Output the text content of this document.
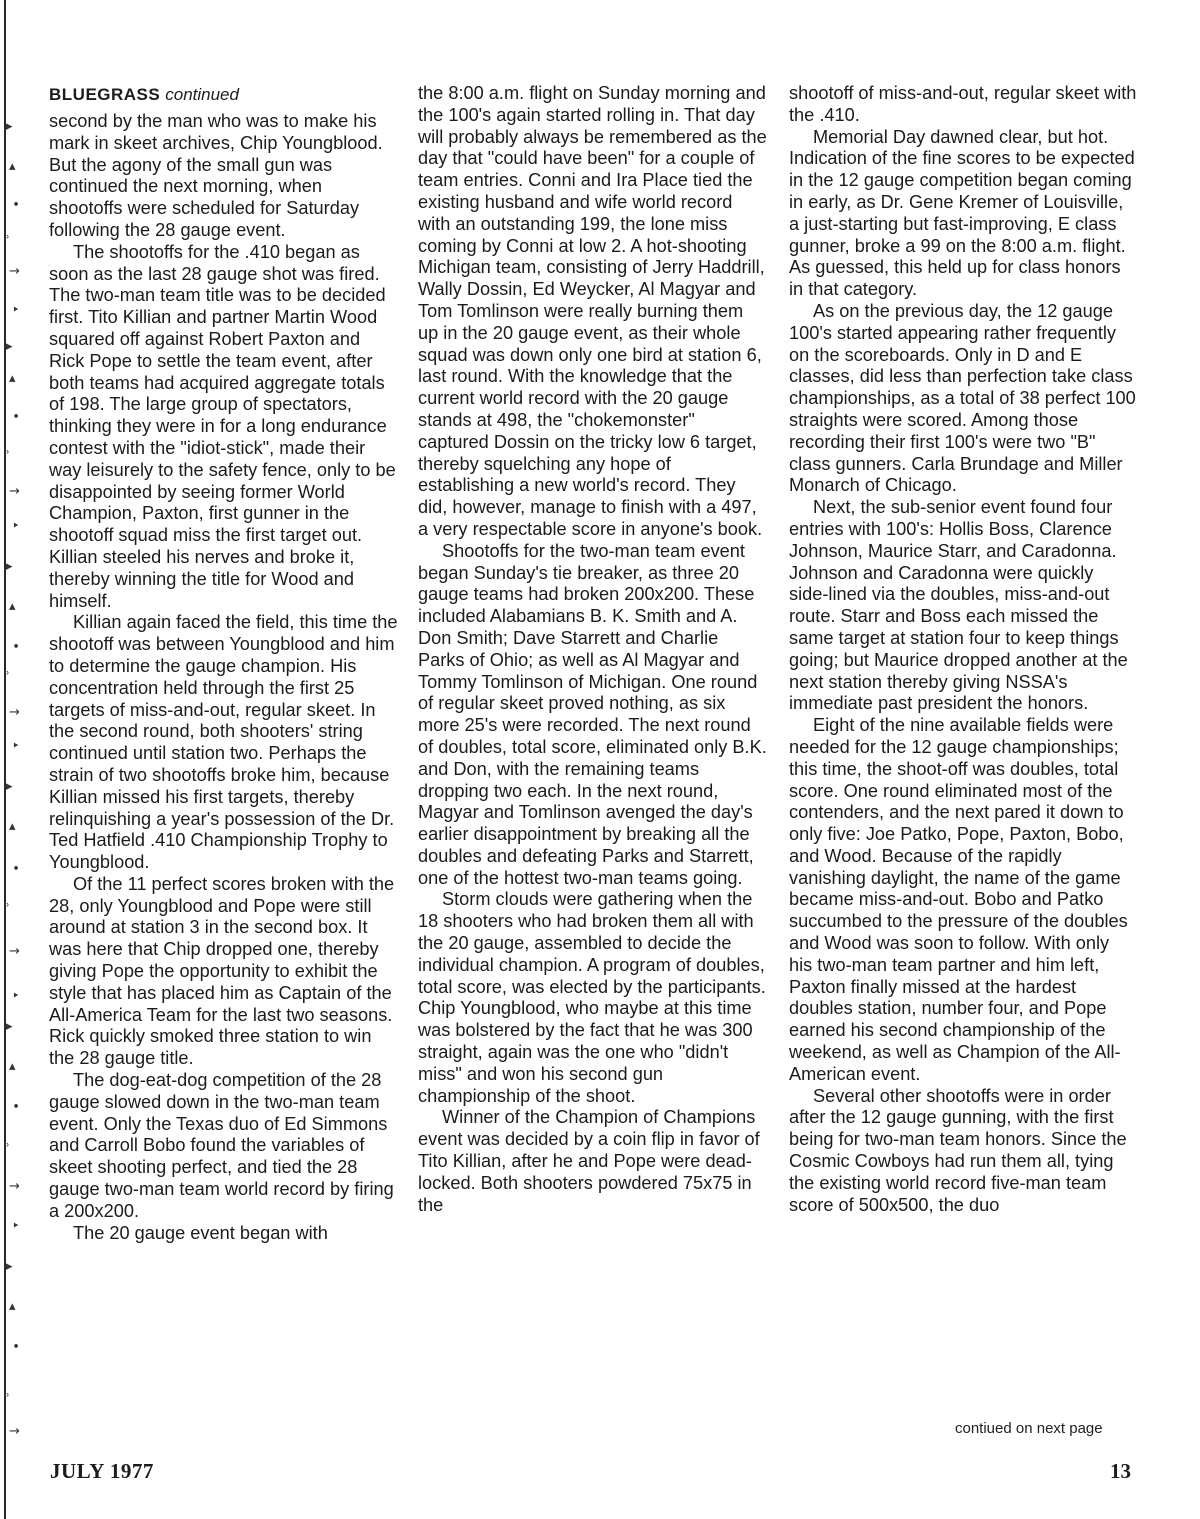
▸
▴
∙
˒
→
‣
▸
▴
∙
˒
→
‣
▸
▴
∙
˒
→
‣
▸
▴
∙
˒
→
‣
▸
▴
∙
˒
→
‣
▸
▴
∙
˒
→

BLUEGRASS continued

second by the man who was to make his mark in skeet archives, Chip Youngblood. But the agony of the small gun was continued the next morning, when shootoffs were scheduled for Saturday following the 28 gauge event.

The shootoffs for the .410 began as soon as the last 28 gauge shot was fired. The two-man team title was to be decided first. Tito Killian and partner Martin Wood squared off against Robert Paxton and Rick Pope to settle the team event, after both teams had acquired aggregate totals of 198. The large group of spectators, thinking they were in for a long endurance contest with the "idiot-stick", made their way leisurely to the safety fence, only to be disappointed by seeing former World Champion, Paxton, first gunner in the shootoff squad miss the first target out. Killian steeled his nerves and broke it, thereby winning the title for Wood and himself.

Killian again faced the field, this time the shootoff was between Youngblood and him to determine the gauge champion. His concentration held through the first 25 targets of miss-and-out, regular skeet. In the second round, both shooters' string continued until station two. Perhaps the strain of two shootoffs broke him, because Killian missed his first targets, thereby relinquishing a year's possession of the Dr. Ted Hatfield .410 Championship Trophy to Youngblood.

Of the 11 perfect scores broken with the 28, only Youngblood and Pope were still around at station 3 in the second box. It was here that Chip dropped one, thereby giving Pope the opportunity to exhibit the style that has placed him as Captain of the All-America Team for the last two seasons. Rick quickly smoked three station to win the 28 gauge title.

The dog-eat-dog competition of the 28 gauge slowed down in the two-man team event. Only the Texas duo of Ed Simmons and Carroll Bobo found the variables of skeet shooting perfect, and tied the 28 gauge two-man team world record by firing a 200x200.

The 20 gauge event began with

the 8:00 a.m. flight on Sunday morning and the 100's again started rolling in. That day will probably always be remembered as the day that "could have been" for a couple of team entries. Conni and Ira Place tied the existing husband and wife world record with an outstanding 199, the lone miss coming by Conni at low 2. A hot-shooting Michigan team, consisting of Jerry Haddrill, Wally Dossin, Ed Weycker, Al Magyar and Tom Tomlinson were really burning them up in the 20 gauge event, as their whole squad was down only one bird at station 6, last round. With the knowledge that the current world record with the 20 gauge stands at 498, the "chokemonster" captured Dossin on the tricky low 6 target, thereby squelching any hope of establishing a new world's record. They did, however, manage to finish with a 497, a very respectable score in anyone's book.

Shootoffs for the two-man team event began Sunday's tie breaker, as three 20 gauge teams had broken 200x200. These included Alabamians B. K. Smith and A. Don Smith; Dave Starrett and Charlie Parks of Ohio; as well as Al Magyar and Tommy Tomlinson of Michigan. One round of regular skeet proved nothing, as six more 25's were recorded. The next round of doubles, total score, eliminated only B.K. and Don, with the remaining teams dropping two each. In the next round, Magyar and Tomlinson avenged the day's earlier disappointment by breaking all the doubles and defeating Parks and Starrett, one of the hottest two-man teams going.

Storm clouds were gathering when the 18 shooters who had broken them all with the 20 gauge, assembled to decide the individual champion. A program of doubles, total score, was elected by the participants. Chip Youngblood, who maybe at this time was bolstered by the fact that he was 300 straight, again was the one who "didn't miss" and won his second gun championship of the shoot.

Winner of the Champion of Champions event was decided by a coin flip in favor of Tito Killian, after he and Pope were dead-locked. Both shooters powdered 75x75 in the

shootoff of miss-and-out, regular skeet with the .410.

Memorial Day dawned clear, but hot. Indication of the fine scores to be expected in the 12 gauge competition began coming in early, as Dr. Gene Kremer of Louisville, a just-starting but fast-improving, E class gunner, broke a 99 on the 8:00 a.m. flight. As guessed, this held up for class honors in that category.

As on the previous day, the 12 gauge 100's started appearing rather frequently on the scoreboards. Only in D and E classes, did less than perfection take class championships, as a total of 38 perfect 100 straights were scored. Among those recording their first 100's were two "B" class gunners. Carla Brundage and Miller Monarch of Chicago.

Next, the sub-senior event found four entries with 100's: Hollis Boss, Clarence Johnson, Maurice Starr, and Caradonna. Johnson and Caradonna were quickly side-lined via the doubles, miss-and-out route. Starr and Boss each missed the same target at station four to keep things going; but Maurice dropped another at the next station thereby giving NSSA's immediate past president the honors.

Eight of the nine available fields were needed for the 12 gauge championships; this time, the shoot-off was doubles, total score. One round eliminated most of the contenders, and the next pared it down to only five: Joe Patko, Pope, Paxton, Bobo, and Wood. Because of the rapidly vanishing daylight, the name of the game became miss-and-out. Bobo and Patko succumbed to the pressure of the doubles and Wood was soon to follow. With only his two-man team partner and him left, Paxton finally missed at the hardest doubles station, number four, and Pope earned his second championship of the weekend, as well as Champion of the All-American event.

Several other shootoffs were in order after the 12 gauge gunning, with the first being for two-man team honors. Since the Cosmic Cowboys had run them all, tying the existing world record five-man team score of 500x500, the duo

contiued on next page
JULY 1977	13
